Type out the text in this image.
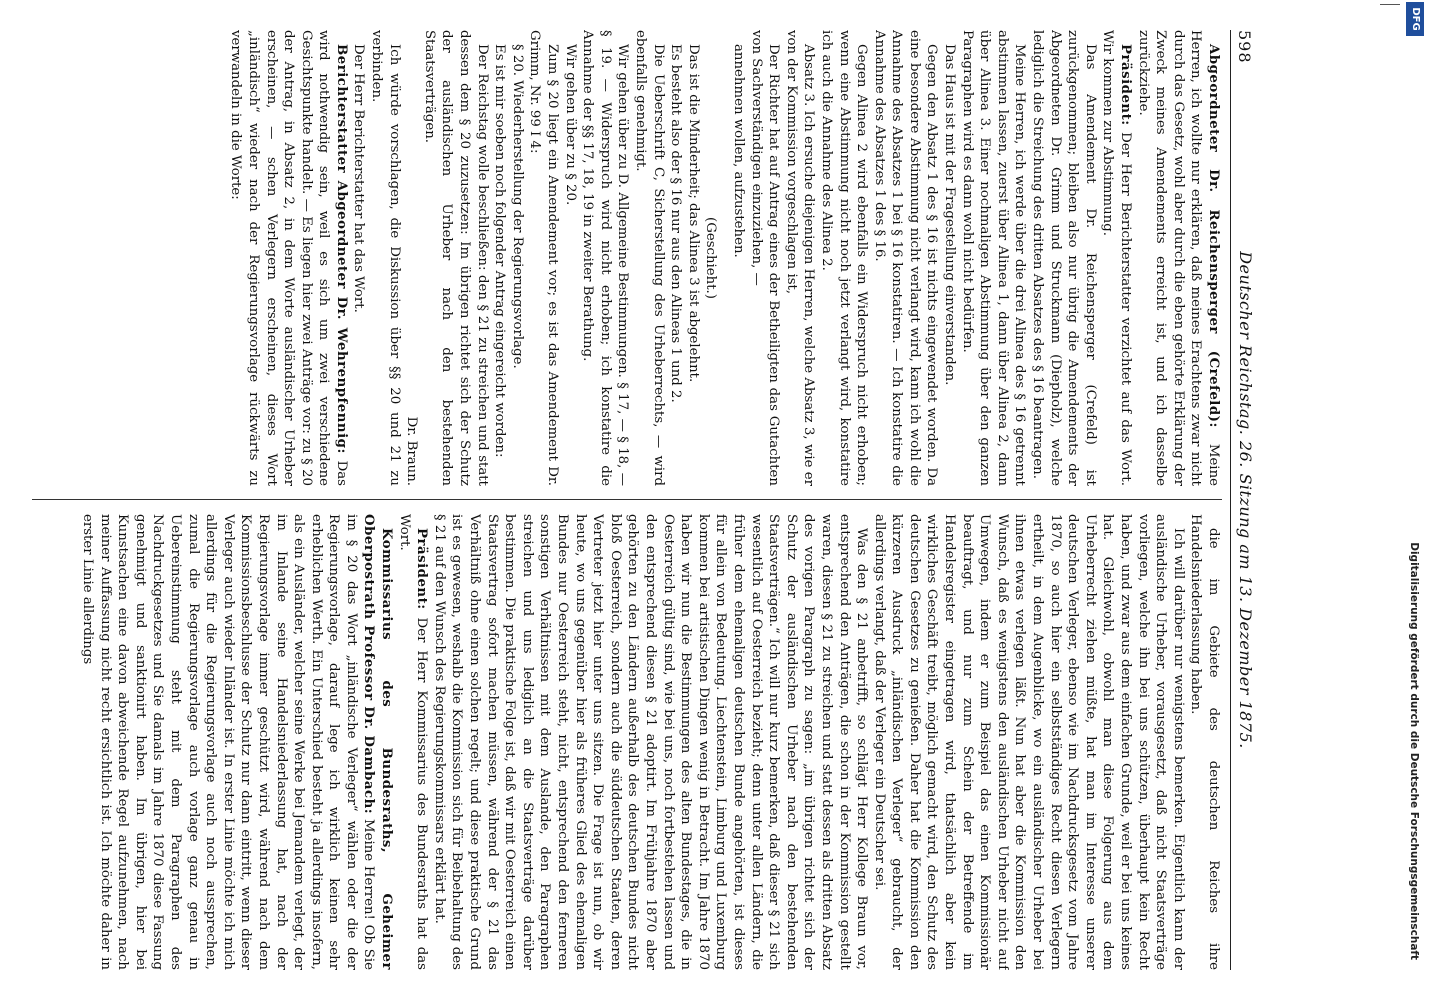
598
Deutscher Reichstag. 26. Sitzung am 13. Dezember 1875.

Abgeordneter Dr. Reichensperger (Crefeld): Meine Herren, ich wollte nur erklären, daß meines Erachtens zwar nicht durch das Gesetz, wohl aber durch die eben gehörte Erklärung der Zweck meines Amendements erreicht ist, und ich dasselbe zurückziehe.

Präsident: Der Herr Berichterstatter verzichtet auf das Wort. Wir kommen zur Abstimmung.

Das Amendement Dr. Reichensperger (Crefeld) ist zurückgenommen; bleiben also nur übrig die Amendements der Abgeordneten Dr. Grimm und Struckmann (Diepholz), welche lediglich die Streichung des dritten Absatzes des § 16 beantragen.

Meine Herren, ich werde über die drei Alinea des § 16 getrennt abstimmen lassen, zuerst über Alinea 1, dann über Alinea 2, dann über Alinea 3. Einer nochmaligen Abstimmung über den ganzen Paragraphen wird es dann wohl nicht bedürfen.

Das Haus ist mit der Fragestellung einverstanden.

Gegen den Absatz 1 des § 16 ist nichts eingewendet worden. Da eine besondere Abstimmung nicht verlangt wird, kann ich wohl die Annahme des Absatzes 1 bei § 16 konstatiren. — Ich konstatire die Annahme des Absatzes 1 des § 16.

Gegen Alinea 2 wird ebenfalls ein Widerspruch nicht erhoben; wenn eine Abstimmung nicht noch jetzt verlangt wird, konstatire ich auch die Annahme des Alinea 2.

Absatz 3. Ich ersuche diejenigen Herren, welche Absatz 3, wie er von der Kommission vorgeschlagen ist,

Der Richter hat auf Antrag eines der Betheiligten das Gutachten von Sachverständigen einzuziehen, —

annehmen wollen, aufzustehen.

(Geschieht.)

Das ist die Minderheit; das Alinea 3 ist abgelehnt.

Es besteht also der § 16 nur aus den Alineas 1 und 2.

Die Ueberschrift C, Sicherstellung des Urheberrechts, — wird ebenfalls genehmigt.

Wir gehen über zu D. Allgemeine Bestimmungen. § 17, — § 18, — § 19. — Widerspruch wird nicht erhoben; ich konstatire die Annahme der §§ 17, 18, 19 in zweiter Berathung.

Wir gehen über zu § 20.

Zum § 20 liegt ein Amendement vor; es ist das Amendement Dr. Grimm, Nr. 99 I 4:

§ 20. Wiederherstellung der Regierungsvorlage.

Es ist mir soeben noch folgender Antrag eingereicht worden:

Der Reichstag wolle beschließen: den § 21 zu streichen und statt dessen dem § 20 zuzusetzen: Im übrigen richtet sich der Schutz der ausländischen Urheber nach den bestehenden Staatsverträgen.

Dr. Braun.

Ich würde vorschlagen, die Diskussion über §§ 20 und 21 zu verbinden.

Der Herr Berichterstatter hat das Wort.

Berichterstatter Abgeordneter Dr. Wehrenpfennig: Das wird nothwendig sein, weil es sich um zwei verschiedene Gesichtspunkte handelt. — Es liegen hier zwei Anträge vor: zu § 20 der Antrag, in Absatz 2, in dem Worte ausländischer Urheber erscheinen, — schen Verlegern erscheinen, dieses Wort „inländisch“ wieder nach der Regierungsvorlage rückwärts zu verwandeln in die Worte:

die im Gebiete des deutschen Reiches ihre Handelsniederlassung haben.

Ich will darüber nur wenigstens bemerken. Eigentlich kann der ausländische Urheber, vorausgesetzt, daß nicht Staatsverträge vorliegen, welche ihn bei uns schützen, überhaupt kein Recht haben, und zwar aus dem einfachen Grunde, weil er bei uns keines hat. Gleichwohl, obwohl man diese Folgerung aus dem Urheberrecht ziehen müßte, hat man im Interesse unserer deutschen Verleger, ebenso wie im Nachdrucksgesetz vom Jahre 1870, so auch hier ein selbstständiges Recht diesen Verlegern ertheilt, in dem Augenblicke, wo ein ausländischer Urheber bei ihnen etwas verlegen läßt. Nun hat aber die Kommission den Wunsch, daß es wenigstens den ausländischen Urheber nicht auf Umwegen, indem er zum Beispiel das einen Kommissionär beauftragt, und nur zum Schein der Betreffende im Handelsregister eingetragen wird, thatsächlich aber kein wirkliches Geschäft treibt, möglich gemacht wird, den Schutz des deutschen Gesetzes zu genießen. Daher hat die Kommission den kürzeren Ausdruck „inländischen Verleger“ gebraucht, der allerdings verlangt, daß der Verleger ein Deutscher sei.

Was den § 21 anbetrifft, so schlägt Herr Kollege Braun vor, entsprechend den Anträgen, die schon in der Kommission gestellt waren, diesen § 21 zu streichen und statt dessen als dritten Absatz des vorigen Paragraph zu sagen: „im übrigen richtet sich der Schutz der ausländischen Urheber nach den bestehenden Staatsverträgen.“ Ich will nur kurz bemerken, daß dieser § 21 sich wesentlich auf Oesterreich bezieht; denn unter allen Ländern, die früher dem ehemaligen deutschen Bunde angehörten, ist dieses für allein von Bedeutung. Liechtenstein, Limburg und Luxemburg kommen bei artistischen Dingen wenig in Betracht. Im Jahre 1870 haben wir nun die Bestimmungen des alten Bundestages, die in Oesterreich gültig sind, wie bei uns, noch fortbestehen lassen und den entsprechend diesen § 21 adoptirt. Im Frühjahre 1870 aber gehörten zu den Ländern außerhalb des deutschen Bundes nicht bloß Oesterreich, sondern auch die süddeutschen Staaten, deren Vertreter jetzt hier unter uns sitzen. Die Frage ist nun, ob wir heute, wo uns gegenüber hier als früheres Glied des ehemaligen Bundes nur Oesterreich steht, nicht, entsprechend den ferneren sonstigen Verhältnissen mit dem Auslande, den Paragraphen streichen und uns lediglich an die Staatsverträge darüber bestimmen. Die praktische Folge ist, daß wir mit Oesterreich einen Staatsvertrag sofort machen müssen, während der § 21 das Verhältniß ohne einen solchen regelt; und diese praktische Grund ist es gewesen, weshalb die Kommission sich für Beibehaltung des § 21 auf den Wunsch des Regierungskommissars erklärt hat.

Präsident: Der Herr Kommissarius des Bundesraths hat das Wort.

Kommissarius des Bundesraths, Geheimer Oberpostrath Professor Dr. Dambach: Meine Herren! Ob Sie im § 20 das Wort „inländische Verleger“ wählen oder die der Regierungsvorlage, darauf lege ich wirklich keinen sehr erheblichen Werth. Ein Unterschied besteht ja allerdings insofern, als ein Ausländer, welcher seine Werke bei Jemandem verlegt, der im Inlande seine Handelsniederlassung hat, nach der Regierungsvorlage immer geschützt wird, während nach dem Kommissionsbeschlusse der Schutz nur dann eintritt, wenn dieser Verleger auch wieder Inländer ist. In erster Linie möchte ich mich allerdings für die Regierungsvorlage auch noch aussprechen, zumal die Regierungsvorlage auch vorlage ganz genau in Uebereinstimmung steht mit dem Paragraphen des Nachdruckgesetzes und Sie damals im Jahre 1870 diese Fassung genehmigt und sanktionirt haben. Im übrigen, hier bei Kunstsachen eine davon abweichende Regel aufzunehmen, nach meiner Auffassung nicht recht ersichtlich ist. Ich möchte daher in erster Linie allerdings

DFG
Digitalisierung gefördert durch die Deutsche Forschungsgemeinschaft
